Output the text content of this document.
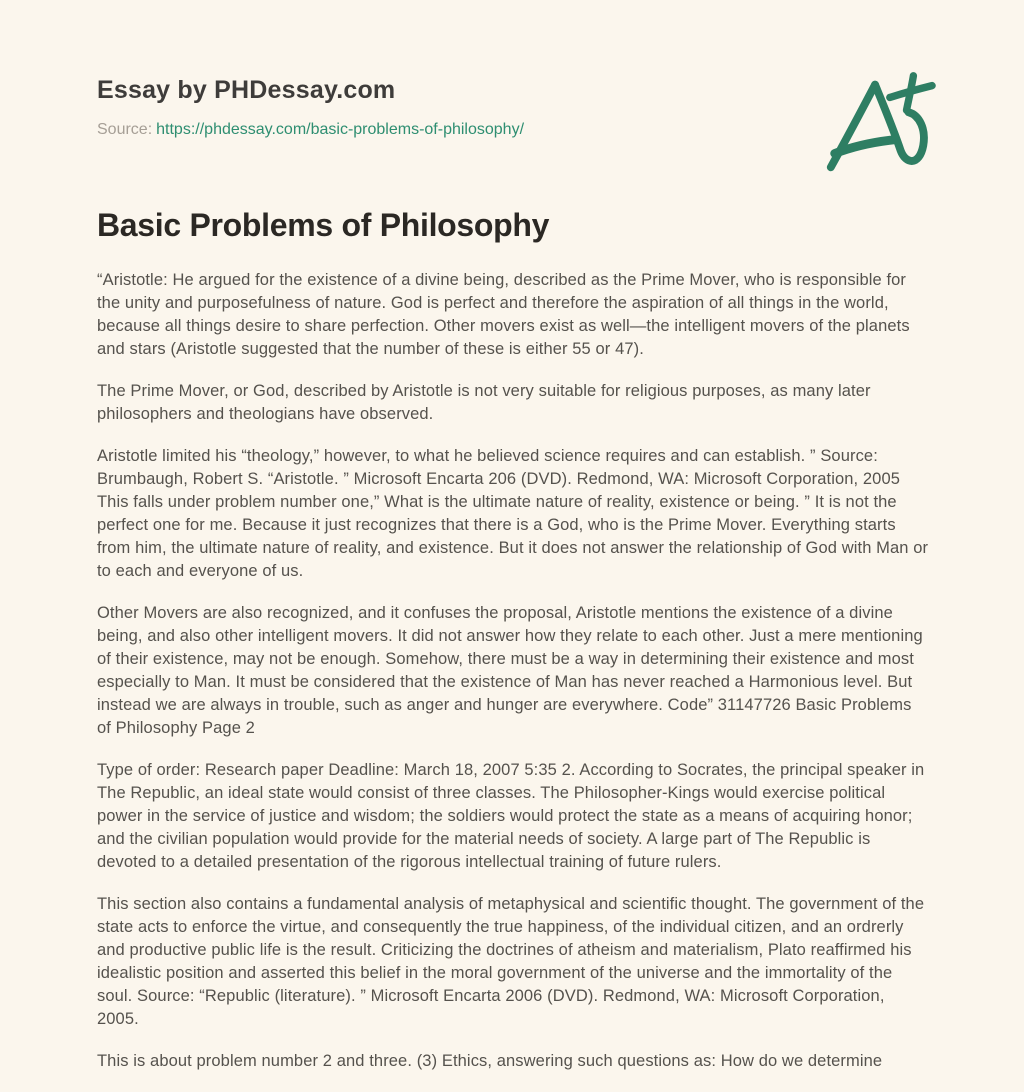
Essay by PHDessay.com
Source: https://phdessay.com/basic-problems-of-philosophy/
Basic Problems of Philosophy

“Aristotle: He argued for the existence of a divine being, described as the Prime Mover, who is responsible for the unity and purposefulness of nature. God is perfect and therefore the aspiration of all things in the world, because all things desire to share perfection. Other movers exist as well—the intelligent movers of the planets and stars (Aristotle suggested that the number of these is either 55 or 47).

The Prime Mover, or God, described by Aristotle is not very suitable for religious purposes, as many later philosophers and theologians have observed.

Aristotle limited his “theology,” however, to what he believed science requires and can establish. ” Source: Brumbaugh, Robert S. “Aristotle. ” Microsoft Encarta 206 (DVD). Redmond, WA: Microsoft Corporation, 2005 This falls under problem number one,” What is the ultimate nature of reality, existence or being. ” It is not the perfect one for me. Because it just recognizes that there is a God, who is the Prime Mover. Everything starts from him, the ultimate nature of reality, and existence. But it does not answer the relationship of God with Man or to each and everyone of us.

Other Movers are also recognized, and it confuses the proposal, Aristotle mentions the existence of a divine being, and also other intelligent movers. It did not answer how they relate to each other. Just a mere mentioning of their existence, may not be enough. Somehow, there must be a way in determining their existence and most especially to Man. It must be considered that the existence of Man has never reached a Harmonious level. But instead we are always in trouble, such as anger and hunger are everywhere. Code” 31147726 Basic Problems of Philosophy Page 2

Type of order: Research paper Deadline: March 18, 2007 5:35 2. According to Socrates, the principal speaker in The Republic, an ideal state would consist of three classes. The Philosopher-Kings would exercise political power in the service of justice and wisdom; the soldiers would protect the state as a means of acquiring honor; and the civilian population would provide for the material needs of society. A large part of The Republic is devoted to a detailed presentation of the rigorous intellectual training of future rulers.

This section also contains a fundamental analysis of metaphysical and scientific thought. The government of the state acts to enforce the virtue, and consequently the true happiness, of the individual citizen, and an ordrerly and productive public life is the result. Criticizing the doctrines of atheism and materialism, Plato reaffirmed his idealistic position and asserted this belief in the moral government of the universe and the immortality of the soul. Source: “Republic (literature). ” Microsoft Encarta 2006 (DVD). Redmond, WA: Microsoft Corporation, 2005.

This is about problem number 2 and three. (3) Ethics, answering such questions as: How do we determine
